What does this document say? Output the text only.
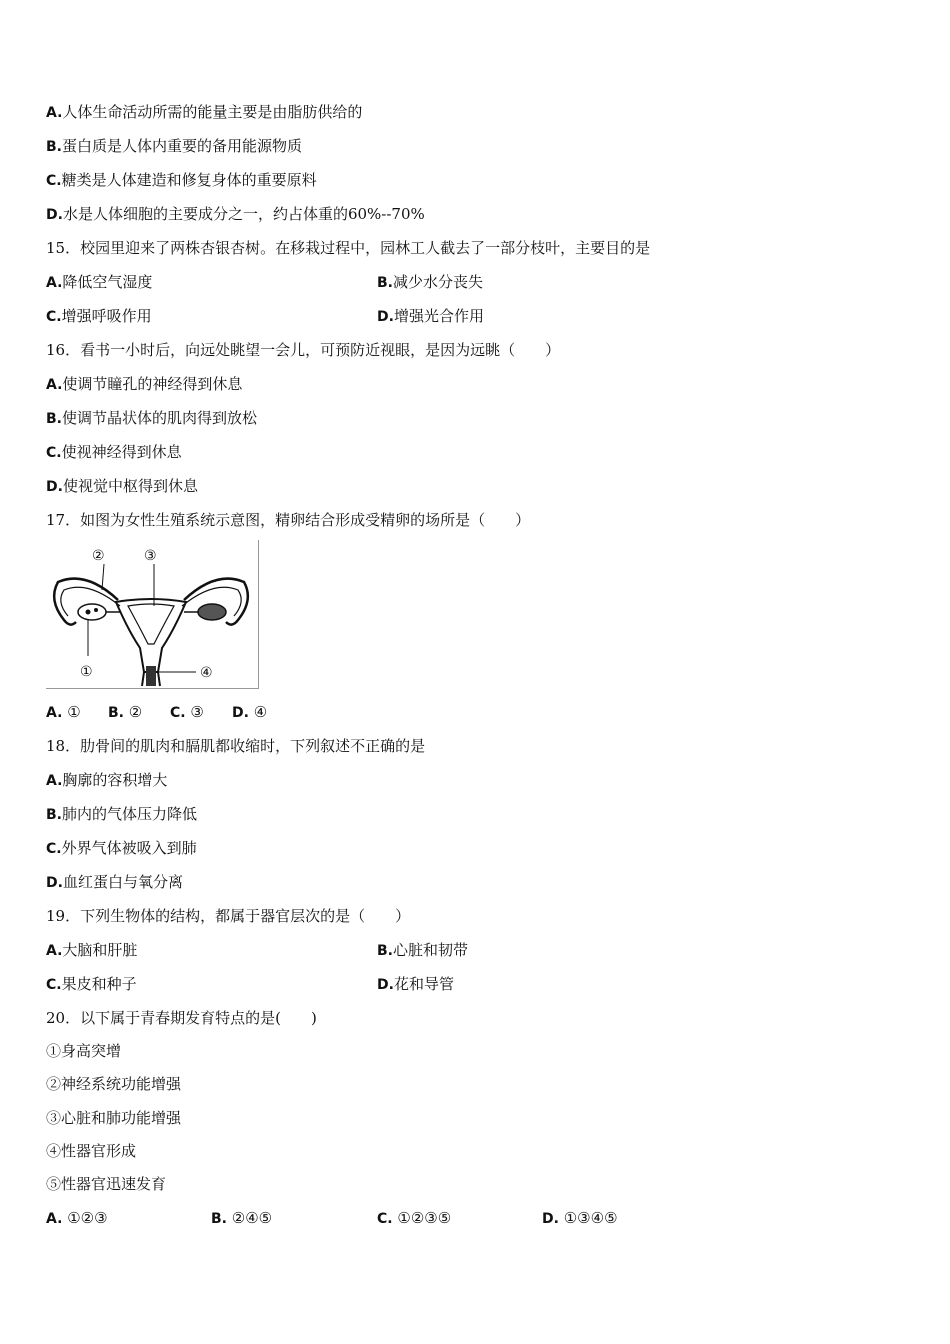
A.人体生命活动所需的能量主要是由脂肪供给的
B.蛋白质是人体内重要的备用能源物质
C.糖类是人体建造和修复身体的重要原料
D.水是人体细胞的主要成分之一，约占体重的60%--70%
15．校园里迎来了两株杏银杏树。在移栽过程中，园林工人截去了一部分枝叶，主要目的是
A.降低空气湿度	B.减少水分丧失
C.增强呼吸作用	D.增强光合作用
16．看书一小时后，向远处眺望一会儿，可预防近视眼，是因为远眺（　　）
A.使调节瞳孔的神经得到休息
B.使调节晶状体的肌肉得到放松
C.使视神经得到休息
D.使视觉中枢得到休息
17．如图为女性生殖系统示意图，精卵结合形成受精卵的场所是（　　）
②	③
①	④
A. ① B. ② C. ③ D. ④
18．肋骨间的肌肉和膈肌都收缩时，下列叙述不正确的是
A.胸廓的容积增大
B.肺内的气体压力降低
C.外界气体被吸入到肺
D.血红蛋白与氧分离
19．下列生物体的结构，都属于器官层次的是（　　）
A.大脑和肝脏	B.心脏和韧带
C.果皮和种子	D.花和导管
20．以下属于青春期发育特点的是(　　)
①身高突增
②神经系统功能增强
③心脏和肺功能增强
④性器官形成
⑤性器官迅速发育
A. ①②③	B. ②④⑤	C. ①②③⑤	D. ①③④⑤
